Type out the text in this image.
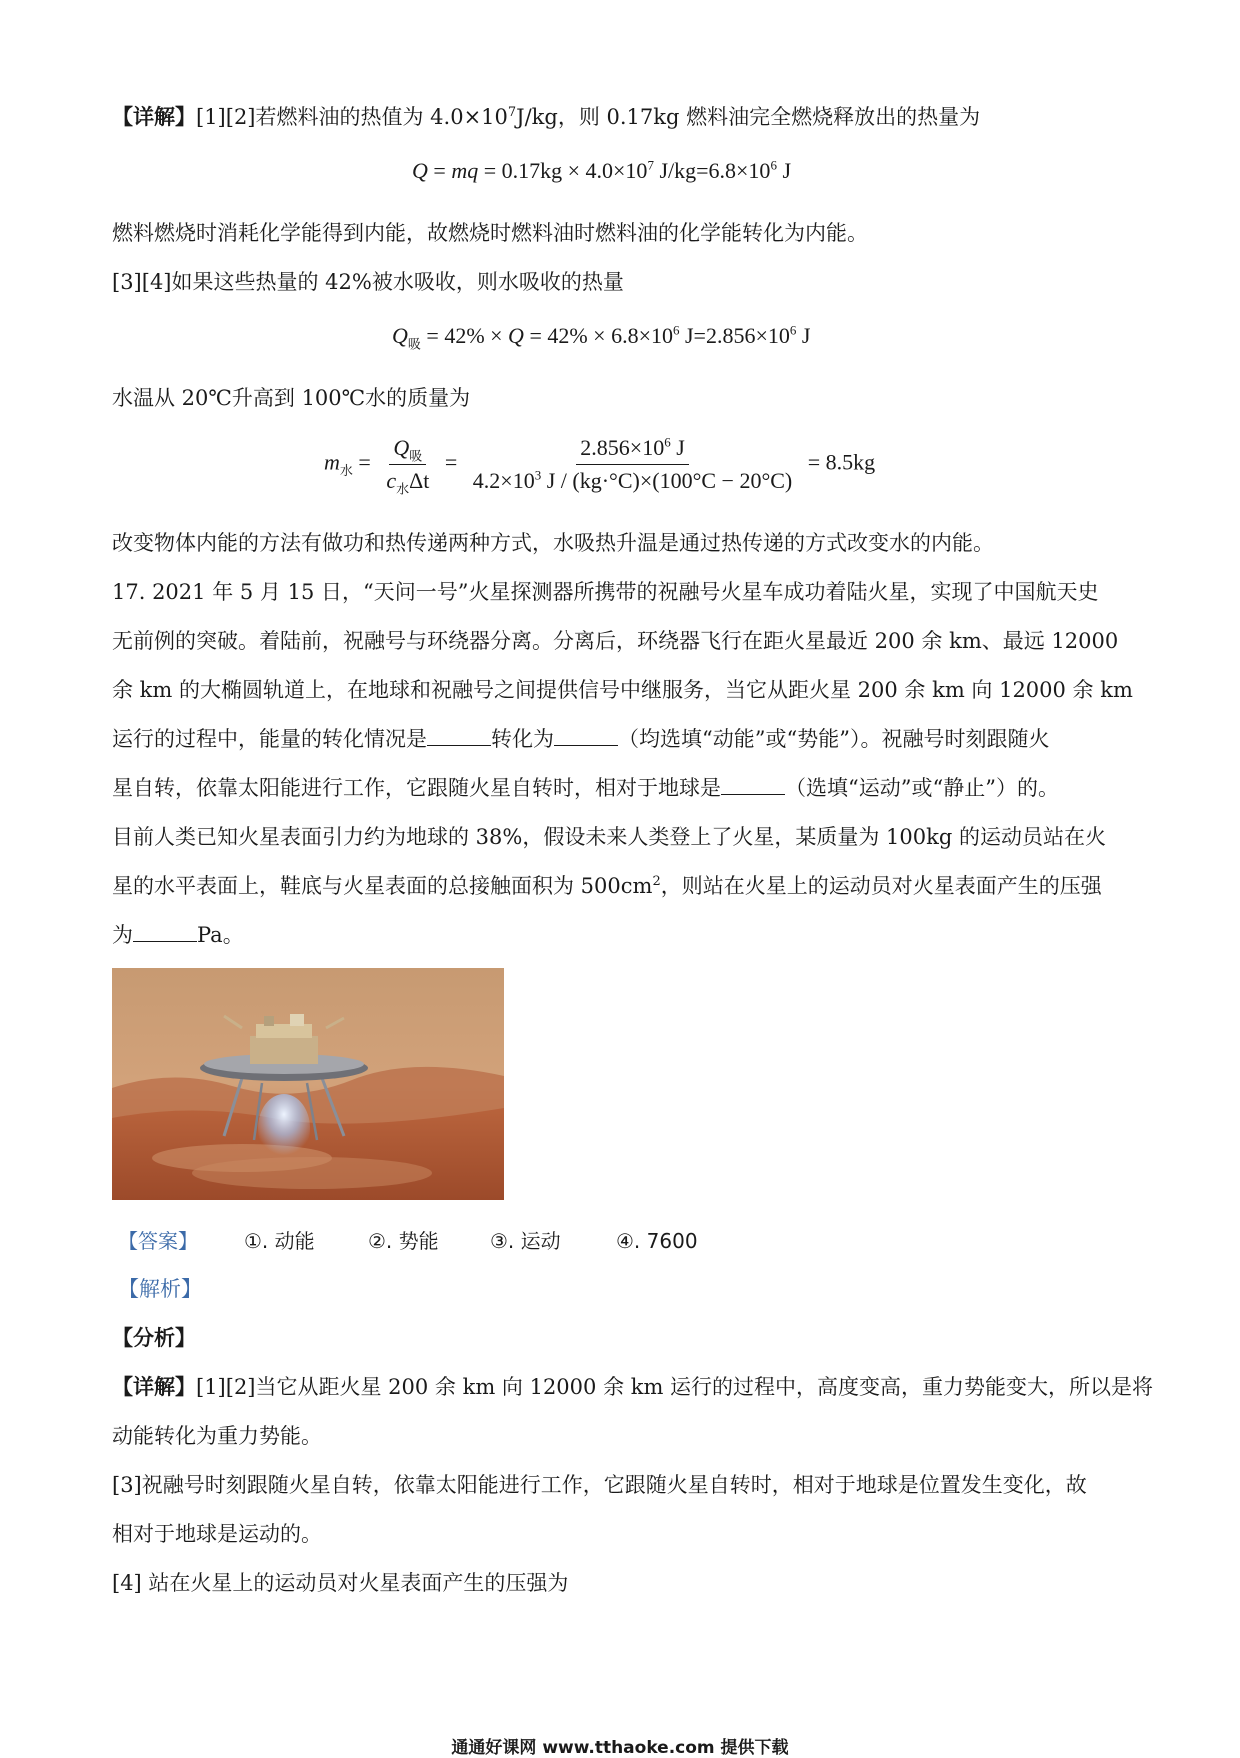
【详解】[1][2]若燃料油的热值为 $4.0\times 10^7J/kg$，则 0.17kg 燃料油完全燃烧释放出的热量为
Q = mq = $0.17kg \times 4.0\times 10^7$ $J/kg=6.8\times 10^6$ J
燃料燃烧时消耗化学能得到内能，故燃烧时燃料油时燃料油的化学能转化为内能。
[3][4]如果这些热量的 42%被水吸收，则水吸收的热量
$Q_吸 = 42\% \times Q = 42\% \times 6.8\times 10^6$ $J=2.856\times 10^6$ J
水温从 20℃升高到 100℃水的质量为
$m_水 = \frac{Q_吸}{c_水\Delta t} = \frac{2.856\times 10^6 J}{4.2\times 10^3 J / (kg\cdot^\circ C)\times(100^\circ C - 20^\circ C)} = 8.5kg$
改变物体内能的方法有做功和热传递两种方式，水吸热升温是通过热传递的方式改变水的内能。
17. 2021 年 5 月 15 日，“天问一号”火星探测器所携带的祝融号火星车成功着陆火星，实现了中国航天史
无前例的突破。着陆前，祝融号与环绕器分离。分离后，环绕器飞行在距火星最近 200 余 km、最远 12000
余 km 的大椭圆轨道上，在地球和祝融号之间提供信号中继服务，当它从距火星 200 余 km 向 12000 余 km
运行的过程中，能量的转化情况是	转化为	（均选填“动能”或“势能”）。祝融号时刻跟随火
星自转，依靠太阳能进行工作，它跟随火星自转时，相对于地球是	（选填“运动”或“静止”）的。
目前人类已知火星表面引力约为地球的 38%，假设未来人类登上了火星，某质量为 100kg 的运动员站在火
星的水平表面上，鞋底与火星表面的总接触面积为 $500cm^2$，则站在火星上的运动员对火星表面产生的压强
为	Pa。
【答案】 ①. 动能	②. 势能	③. 运动	④. 7600
【解析】
【分析】
【详解】[1][2]当它从距火星 200 余 km 向 12000 余 km 运行的过程中，高度变高，重力势能变大，所以是将
动能转化为重力势能。
[3]祝融号时刻跟随火星自转，依靠太阳能进行工作，它跟随火星自转时，相对于地球是位置发生变化，故
相对于地球是运动的。
[4] 站在火星上的运动员对火星表面产生的压强为
通通好课网 www.tthaoke.com 提供下载
